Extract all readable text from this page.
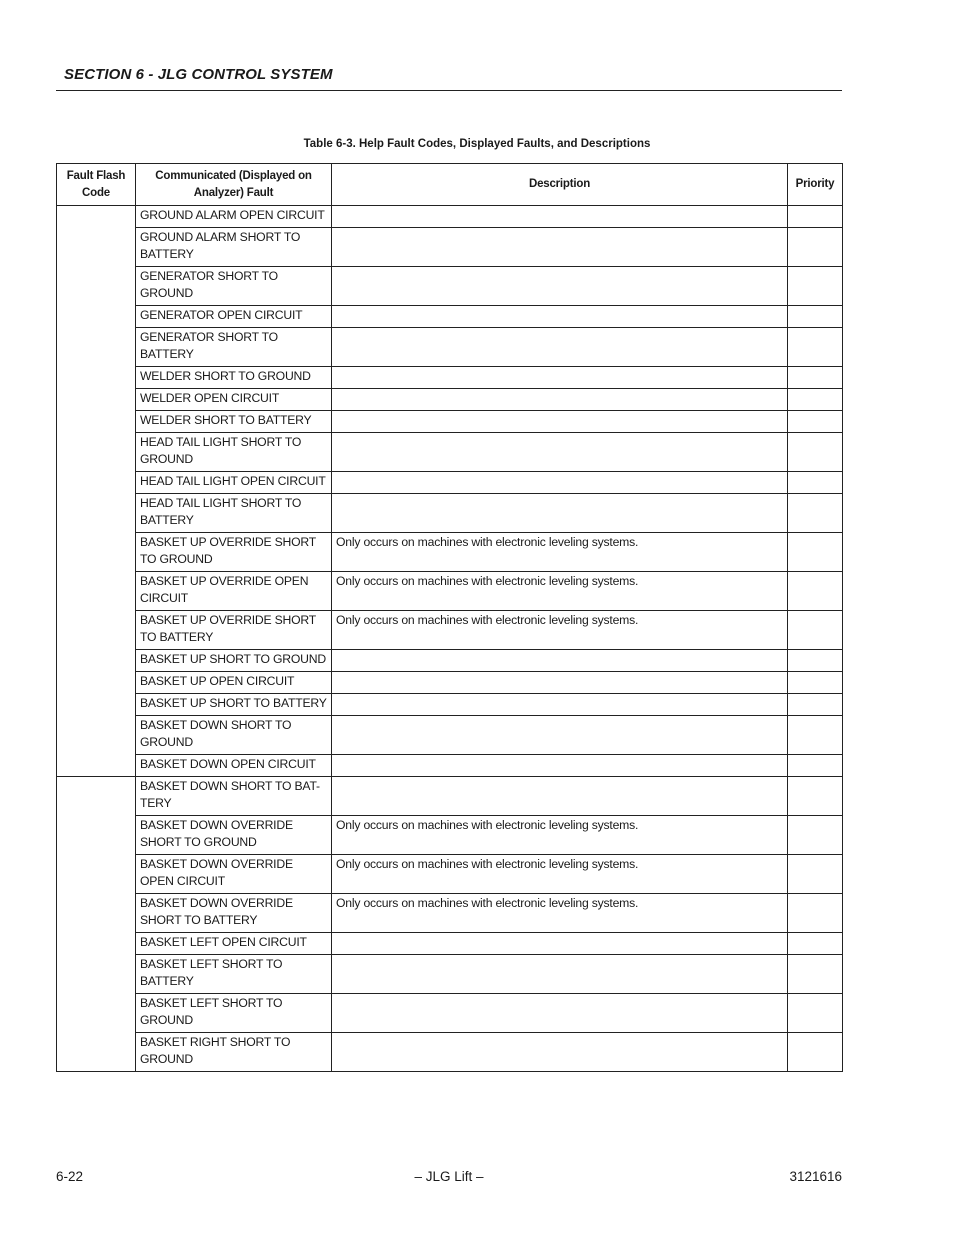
SECTION 6 - JLG CONTROL SYSTEM
Table 6-3. Help Fault Codes, Displayed Faults, and Descriptions
Fault Flash Code	Communicated (Displayed on Analyzer) Fault	Description	Priority
	GROUND ALARM OPEN CIRCUIT		
	GROUND ALARM SHORT TO BATTERY		
	GENERATOR SHORT TO GROUND		
	GENERATOR OPEN CIRCUIT		
	GENERATOR SHORT TO BATTERY		
	WELDER SHORT TO GROUND		
	WELDER OPEN CIRCUIT		
	WELDER SHORT TO BATTERY		
	HEAD TAIL LIGHT SHORT TO GROUND		
	HEAD TAIL LIGHT OPEN CIRCUIT		
	HEAD TAIL LIGHT SHORT TO BATTERY		
	BASKET UP OVERRIDE SHORT TO GROUND	Only occurs on machines with electronic leveling systems.	
	BASKET UP OVERRIDE OPEN CIRCUIT	Only occurs on machines with electronic leveling systems.	
	BASKET UP OVERRIDE SHORT TO BATTERY	Only occurs on machines with electronic leveling systems.	
	BASKET UP SHORT TO GROUND		
	BASKET UP OPEN CIRCUIT		
	BASKET UP SHORT TO BATTERY		
	BASKET DOWN SHORT TO GROUND		
	BASKET DOWN OPEN CIRCUIT		
	BASKET DOWN SHORT TO BAT-TERY		
	BASKET DOWN OVERRIDE SHORT TO GROUND	Only occurs on machines with electronic leveling systems.	
	BASKET DOWN OVERRIDE OPEN CIRCUIT	Only occurs on machines with electronic leveling systems.	
	BASKET DOWN OVERRIDE SHORT TO BATTERY	Only occurs on machines with electronic leveling systems.	
	BASKET LEFT OPEN CIRCUIT		
	BASKET LEFT SHORT TO BATTERY		
	BASKET LEFT SHORT TO GROUND		
	BASKET RIGHT SHORT TO GROUND		
6-22	– JLG Lift –	3121616
